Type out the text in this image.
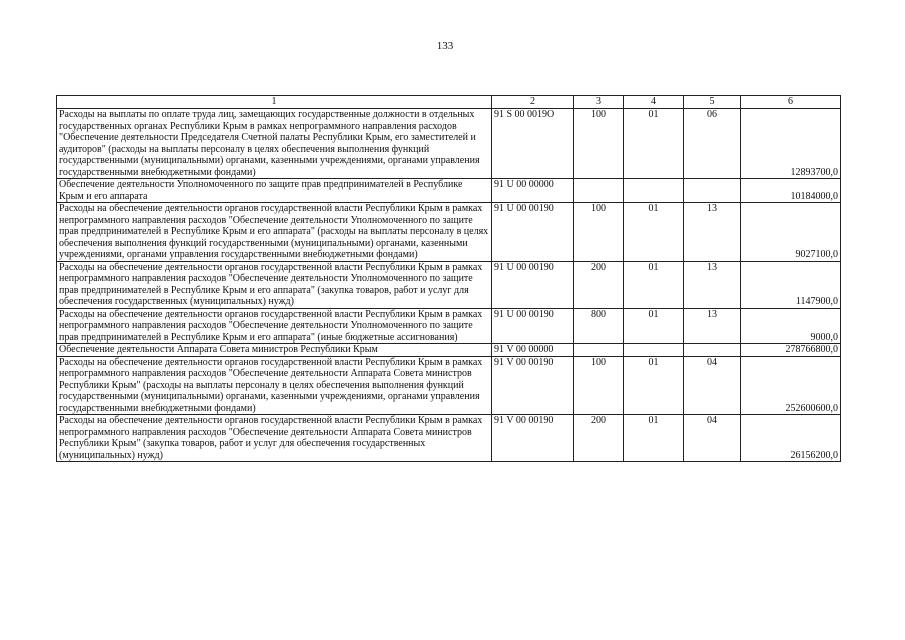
133
1	2	3	4	5	6
Расходы на выплаты по оплате труда лиц, замещающих государственные должности в отдельных государственных органах Республики Крым в рамках непрограммного направления расходов "Обеспечение деятельности Председателя Счетной палаты Республики Крым, его заместителей и аудиторов" (расходы на выплаты персоналу в целях обеспечения выполнения функций государственными (муниципальными) органами, казенными учреждениями, органами управления государственными внебюджетными фондами)	91 S 00 0019О	100	01	06	12893700,0
Обеспечение деятельности Уполномоченного по защите прав предпринимателей в Республике Крым и его аппарата	91 U 00 00000				10184000,0
Расходы на обеспечение деятельности органов государственной власти Республики Крым в рамках непрограммного направления расходов "Обеспечение деятельности Уполномоченного по защите прав предпринимателей в Республике Крым и его аппарата" (расходы на выплаты персоналу в целях обеспечения выполнения функций государственными (муниципальными) органами, казенными учреждениями, органами управления государственными внебюджетными фондами)	91 U 00 00190	100	01	13	9027100,0
Расходы на обеспечение деятельности органов государственной власти Республики Крым в рамках непрограммного направления расходов "Обеспечение деятельности Уполномоченного по защите прав предпринимателей в Республике Крым и его аппарата" (закупка товаров, работ и услуг для обеспечения государственных (муниципальных) нужд)	91 U 00 00190	200	01	13	1147900,0
Расходы на обеспечение деятельности органов государственной власти Республики Крым в рамках непрограммного направления расходов "Обеспечение деятельности Уполномоченного по защите прав предпринимателей в Республике Крым и его аппарата" (иные бюджетные ассигнования)	91 U 00 00190	800	01	13	9000,0
Обеспечение деятельности Аппарата Совета министров Республики Крым	91 V 00 00000				278766800,0
Расходы на обеспечение деятельности органов государственной власти Республики Крым в рамках непрограммного направления расходов "Обеспечение деятельности Аппарата Совета министров Республики Крым" (расходы на выплаты персоналу в целях обеспечения выполнения функций государственными (муниципальными) органами, казенными учреждениями, органами управления государственными внебюджетными фондами)	91 V 00 00190	100	01	04	252600600,0
Расходы на обеспечение деятельности органов государственной власти Республики Крым в рамках непрограммного направления расходов "Обеспечение деятельности Аппарата Совета министров Республики Крым" (закупка товаров, работ и услуг для обеспечения государственных (муниципальных) нужд)	91 V 00 00190	200	01	04	26156200,0
